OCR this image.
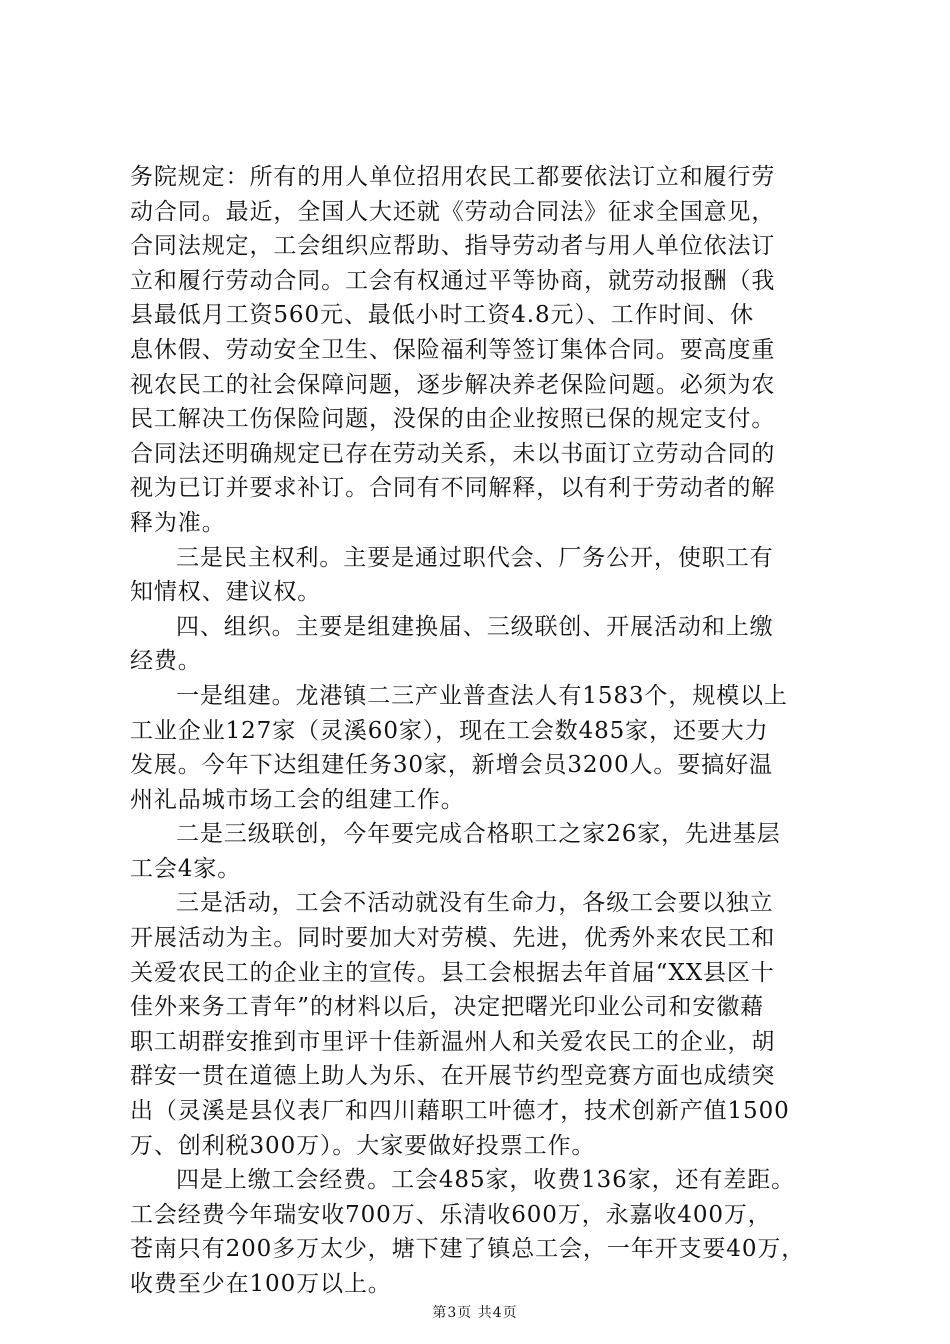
务院规定：所有的用人单位招用农民工都要依法订立和履行劳
动合同。最近，全国人大还就《劳动合同法》征求全国意见，
合同法规定，工会组织应帮助、指导劳动者与用人单位依法订
立和履行劳动合同。工会有权通过平等协商，就劳动报酬（我
县最低月工资560元、最低小时工资4.8元）、工作时间、休
息休假、劳动安全卫生、保险福利等签订集体合同。要高度重
视农民工的社会保障问题，逐步解决养老保险问题。必须为农
民工解决工伤保险问题，没保的由企业按照已保的规定支付。
合同法还明确规定已存在劳动关系，未以书面订立劳动合同的
视为已订并要求补订。合同有不同解释，以有利于劳动者的解
释为准。
三是民主权利。主要是通过职代会、厂务公开，使职工有
知情权、建议权。
四、组织。主要是组建换届、三级联创、开展活动和上缴
经费。
一是组建。龙港镇二三产业普查法人有1583个，规模以上
工业企业127家（灵溪60家），现在工会数485家，还要大力
发展。今年下达组建任务30家，新增会员3200人。要搞好温
州礼品城市场工会的组建工作。
二是三级联创，今年要完成合格职工之家26家，先进基层
工会4家。
三是活动，工会不活动就没有生命力，各级工会要以独立
开展活动为主。同时要加大对劳模、先进，优秀外来农民工和
关爱农民工的企业主的宣传。县工会根据去年首届“XX县区十
佳外来务工青年”的材料以后，决定把曙光印业公司和安徽藉
职工胡群安推到市里评十佳新温州人和关爱农民工的企业，胡
群安一贯在道德上助人为乐、在开展节约型竞赛方面也成绩突
出（灵溪是县仪表厂和四川藉职工叶德才，技术创新产值1500
万、创利税300万）。大家要做好投票工作。
四是上缴工会经费。工会485家，收费136家，还有差距。
工会经费今年瑞安收700万、乐清收600万，永嘉收400万，
苍南只有200多万太少，塘下建了镇总工会，一年开支要40万，
收费至少在100万以上。
第3页 共4页
